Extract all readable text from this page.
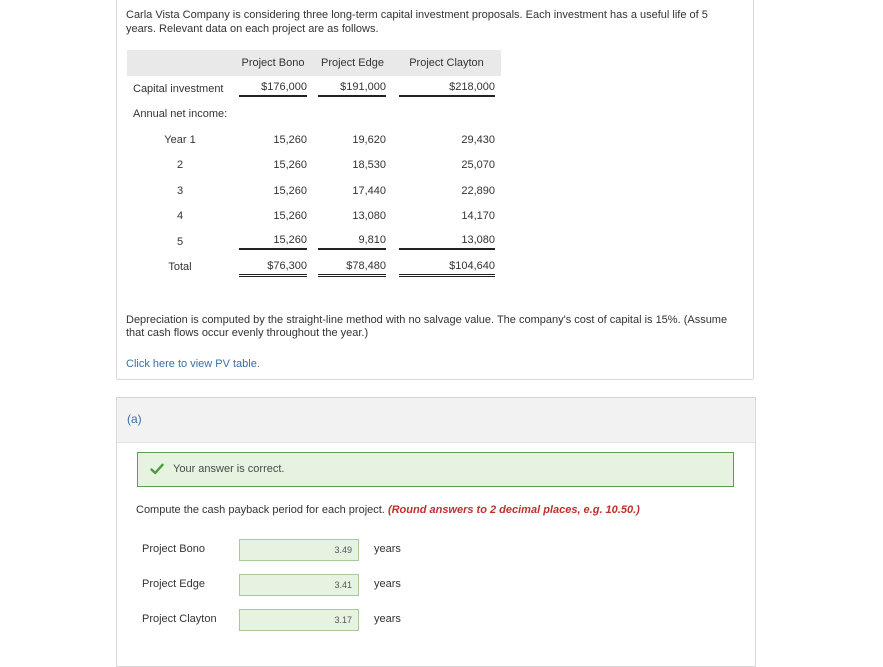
Carla Vista Company is considering three long-term capital investment proposals. Each investment has a useful life of 5 years. Relevant data on each project are as follows.
	Project Bono	Project Edge	Project Clayton
Capital investment	$176,000	$191,000	$218,000
Annual net income:			
Year 1	15,260	19,620	29,430
2	15,260	18,530	25,070
3	15,260	17,440	22,890
4	15,260	13,080	14,170
5	15,260	9,810	13,080
Total	$76,300	$78,480	$104,640
Depreciation is computed by the straight-line method with no salvage value. The company's cost of capital is 15%. (Assume that cash flows occur evenly throughout the year.)
Click here to view PV table.
(a)
Your answer is correct.
Compute the cash payback period for each project. (Round answers to 2 decimal places, e.g. 10.50.)
Project Bono
3.49	years
Project Edge
3.41	years
Project Clayton
3.17	years
